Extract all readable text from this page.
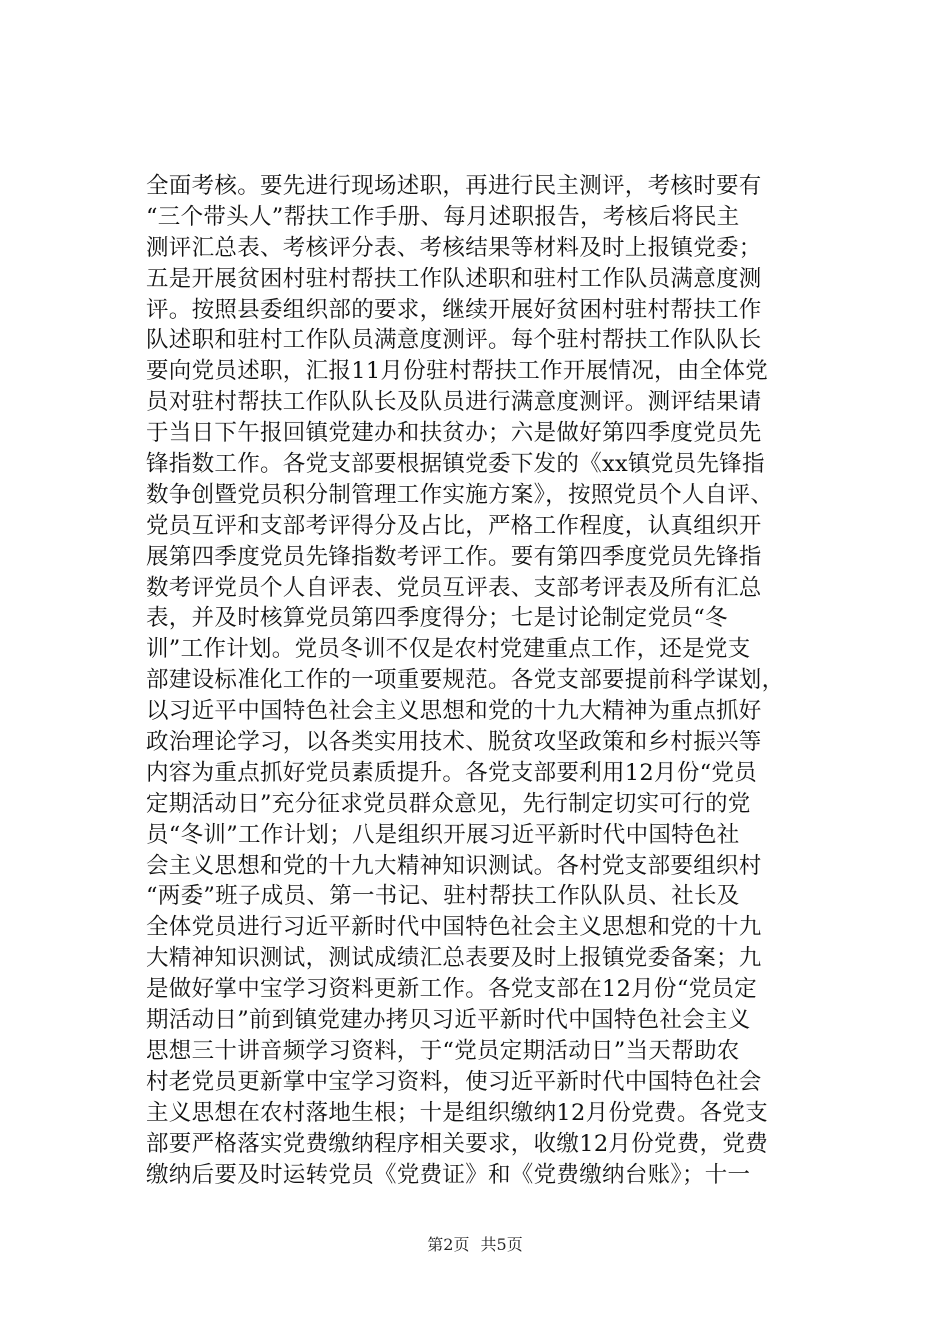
全面考核。要先进行现场述职，再进行民主测评，考核时要有
“三个带头人”帮扶工作手册、每月述职报告，考核后将民主
测评汇总表、考核评分表、考核结果等材料及时上报镇党委；
五是开展贫困村驻村帮扶工作队述职和驻村工作队员满意度测
评。按照县委组织部的要求，继续开展好贫困村驻村帮扶工作
队述职和驻村工作队员满意度测评。每个驻村帮扶工作队队长
要向党员述职，汇报11月份驻村帮扶工作开展情况，由全体党
员对驻村帮扶工作队队长及队员进行满意度测评。测评结果请
于当日下午报回镇党建办和扶贫办；六是做好第四季度党员先
锋指数工作。各党支部要根据镇党委下发的《xx镇党员先锋指
数争创暨党员积分制管理工作实施方案》，按照党员个人自评、
党员互评和支部考评得分及占比，严格工作程度，认真组织开
展第四季度党员先锋指数考评工作。要有第四季度党员先锋指
数考评党员个人自评表、党员互评表、支部考评表及所有汇总
表，并及时核算党员第四季度得分；七是讨论制定党员“冬
训”工作计划。党员冬训不仅是农村党建重点工作，还是党支
部建设标准化工作的一项重要规范。各党支部要提前科学谋划，
以习近平中国特色社会主义思想和党的十九大精神为重点抓好
政治理论学习，以各类实用技术、脱贫攻坚政策和乡村振兴等
内容为重点抓好党员素质提升。各党支部要利用12月份“党员
定期活动日”充分征求党员群众意见，先行制定切实可行的党
员“冬训”工作计划；八是组织开展习近平新时代中国特色社
会主义思想和党的十九大精神知识测试。各村党支部要组织村
“两委”班子成员、第一书记、驻村帮扶工作队队员、社长及
全体党员进行习近平新时代中国特色社会主义思想和党的十九
大精神知识测试，测试成绩汇总表要及时上报镇党委备案；九
是做好掌中宝学习资料更新工作。各党支部在12月份“党员定
期活动日”前到镇党建办拷贝习近平新时代中国特色社会主义
思想三十讲音频学习资料，于“党员定期活动日”当天帮助农
村老党员更新掌中宝学习资料，使习近平新时代中国特色社会
主义思想在农村落地生根；十是组织缴纳12月份党费。各党支
部要严格落实党费缴纳程序相关要求，收缴12月份党费，党费
缴纳后要及时运转党员《党费证》和《党费缴纳台账》；十一
第2页 共5页
